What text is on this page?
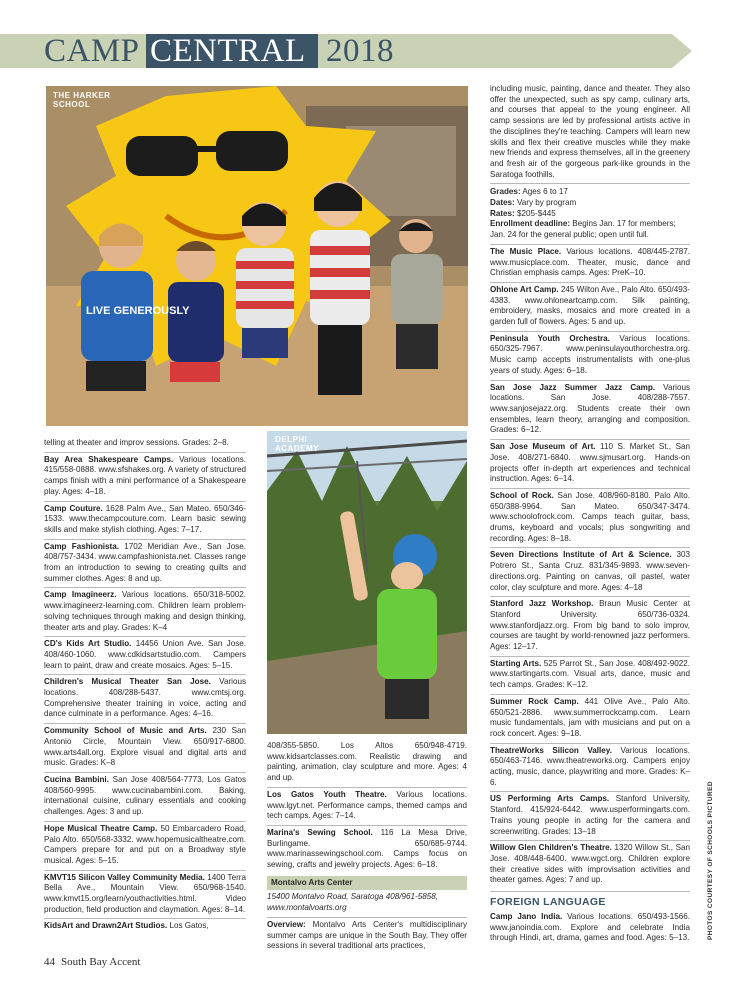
CAMP CENTRAL 2018
LIVE GENEROUSLY
THE HARKER SCHOOL
DELPHI ACADEMY
telling at theater and improv sessions. Grades: 2–8.
Bay Area Shakespeare Camps. Various locations. 415/558-0888. www.sfshakes.org. A variety of structured camps finish with a mini performance of a Shakespeare play. Ages: 4–18.
Camp Couture. 1628 Palm Ave., San Mateo. 650/346-1533. www.thecampcouture.com. Learn basic sewing skills and make stylish clothing. Ages: 7–17.
Camp Fashionista. 1702 Meridian Ave., San Jose. 408/757-3434. www.campfashionista.net. Classes range from an introduction to sewing to creating quilts and summer clothes. Ages: 8 and up.
Camp Imagineerz. Various locations. 650/318-5002. www.imagineerz-learning.com. Children learn problem-solving techniques through making and design thinking, theater arts and play. Grades: K–4
CD's Kids Art Studio. 14456 Union Ave. San Jose. 408/460-1060. www.cdkidsartstudio.com. Campers learn to paint, draw and create mosaics. Ages: 5–15.
Children's Musical Theater San Jose. Various locations. 408/288-5437. www.cmtsj.org. Comprehensive theater training in voice, acting and dance culminate in a performance. Ages: 4–16.
Community School of Music and Arts. 230 San Antonio Circle, Mountain View. 650/917-6800. www.arts4all.org. Explore visual and digital arts and music. Grades: K–8
Cucina Bambini. San Jose 408/564-7773, Los Gatos 408/560-9995. www.cucinabambini.com. Baking, international cuisine, culinary essentials and cooking challenges. Ages: 3 and up.
Hope Musical Theatre Camp. 50 Embarcadero Road, Palo Alto. 650/568-3332. www.hopemusicaltheatre.com. Campers prepare for and put on a Broadway style musical. Ages: 5–15.
KMVT15 Silicon Valley Community Media. 1400 Terra Bella Ave., Mountain View. 650/968-1540. www.kmvt15.org/learn/youthactivities.html. Video production, field production and claymation. Ages: 8–14.
KidsArt and Drawn2Art Studios. Los Gatos,
408/355-5850. Los Altos 650/948-4719. www.kidsartclasses.com. Realistic drawing and painting, animation, clay sculpture and more. Ages: 4 and up.
Los Gatos Youth Theatre. Various locations. www.lgyt.net. Performance camps, themed camps and tech camps. Ages: 7–14.
Marina's Sewing School. 116 La Mesa Drive, Burlingame. 650/685-9744. www.marinassewingschool.com. Camps focus on sewing, crafts and jewelry projects. Ages: 6–18.
Montalvo Arts Center
15400 Montalvo Road, Saratoga 408/961-5858,
www.montalvoarts.org
Overview: Montalvo Arts Center's multidisciplinary summer camps are unique in the South Bay. They offer sessions in several traditional arts practices,
including music, painting, dance and theater. They also offer the unexpected, such as spy camp, culinary arts, and courses that appeal to the young engineer. All camp sessions are led by professional artists active in the disciplines they're teaching. Campers will learn new skills and flex their creative muscles while they make new friends and express themselves, all in the greenery and fresh air of the gorgeous park-like grounds in the Saratoga foothills.
Grades: Ages 6 to 17
Dates: Vary by program
Rates: $205-$445
Enrollment deadline: Begins Jan. 17 for members; Jan. 24 for the general public; open until full.
The Music Place. Various locations. 408/445-2787. www.musicplace.com. Theater, music, dance and Christian emphasis camps. Ages: PreK–10.
Ohlone Art Camp. 245 Wilton Ave., Palo Alto. 650/493-4383. www.ohloneartcamp.com. Silk painting, embroidery, masks, mosaics and more created in a garden full of flowers. Ages: 5 and up.
Peninsula Youth Orchestra. Various locations. 650/325-7967. www.peninsulayouthorchestra.org. Music camp accepts instrumentalists with one-plus years of study. Ages: 6–18.
San Jose Jazz Summer Jazz Camp. Various locations. San Jose. 408/288-7557. www.sanjosejazz.org. Students create their own ensembles, learn theory, arranging and composition. Grades: 6–12.
San Jose Museum of Art. 110 S. Market St., San Jose. 408/271-6840. www.sjmusart.org. Hands-on projects offer in-depth art experiences and technical instruction. Ages: 6–14.
School of Rock. San Jose. 408/960-8180. Palo Alto. 650/388-9964. San Mateo. 650/347-3474. www.schoolofrock.com. Camps teach guitar, bass, drums, keyboard and vocals; plus songwriting and recording. Ages: 8–18.
Seven Directions Institute of Art & Science. 303 Potrero St., Santa Cruz. 831/345-9893. www.seven-directions.org. Painting on canvas, oil pastel, water color, clay sculpture and more. Ages: 4–18
Stanford Jazz Workshop. Braun Music Center at Stanford University. 650/736-0324. www.stanfordjazz.org. From big band to solo improv, courses are taught by world-renowned jazz performers. Ages: 12–17.
Starting Arts. 525 Parrot St., San Jose. 408/492-9022. www.startingarts.com. Visual arts, dance, music and tech camps. Grades: K–12.
Summer Rock Camp. 441 Olive Ave., Palo Alto. 650/521-2886. www.summerrockcamp.com. Learn music fundamentals, jam with musicians and put on a rock concert. Ages: 9–18.
TheatreWorks Silicon Valley. Various locations. 650/463-7146. www.theatreworks.org. Campers enjoy acting, music, dance, playwriting and more. Grades: K–6.
US Performing Arts Camps. Stanford University, Stanford. 415/924-6442. www.usperformingarts.com. Trains young people in acting for the camera and screenwriting. Grades: 13–18
Willow Glen Children's Theatre. 1320 Willow St., San Jose. 408/448-6400. www.wgct.org. Children explore their creative sides with improvisation activities and theater games. Ages: 7 and up.
FOREIGN LANGUAGE
Camp Jano India. Various locations. 650/493-1566. www.janoindia.com. Explore and celebrate India through Hindi, art, drama, games and food. Ages: 5–13.
44 South Bay Accent
PHOTOS COURTESY OF SCHOOLS PICTURED
